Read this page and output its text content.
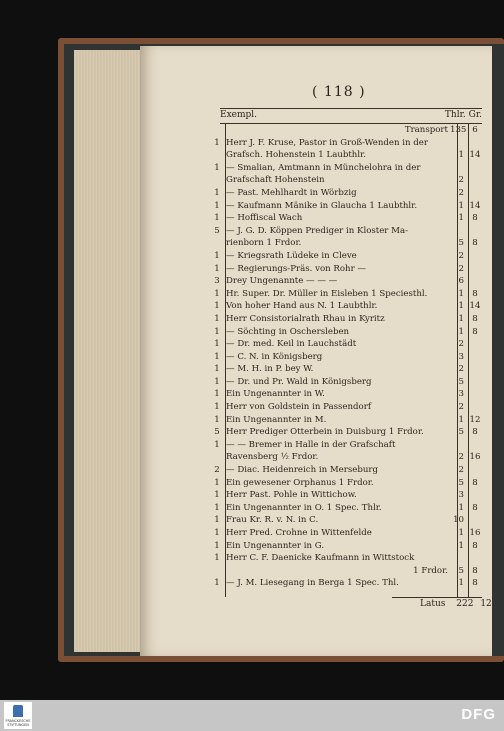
( 118 )
Exempl.	Thlr. Gr.
Transport 135 6
1 Herr J. F. Kruse, Pastor in Groß-Wenden in der
Grafsch. Hohenstein 1 Laubthlr.	1 14
1 — Smalian, Amtmann in Münchelohra in der
Grafschaft Hohenstein	2
1 — Past. Mehlhardt in Wörbzig	2
1 — Kaufmann Mänike in Glaucha 1 Laubthlr.	1 14
1 — Hoffiscal Wach	1 8
5 — J. G. D. Köppen Prediger in Kloster Ma-
rienborn 1 Frdor.	5 8
1 — Kriegsrath Lüdeke in Cleve	2
1 — Regierungs-Präs. von Rohr —	2
3 Drey Ungenannte — — —	6
1 Hr. Super. Dr. Müller in Eisleben 1 Speciesthl.	1 8
1 Von hoher Hand aus N. 1 Laubthlr.	1 14
1 Herr Consistorialrath Rhau in Kyritz	1 8
1 — Söchting in Oschersleben	1 8
1 — Dr. med. Keil in Lauchstädt	2
1 — C. N. in Königsberg	3
1 — M. H. in P. bey W.	2
1 — Dr. und Pr. Wald in Königsberg	5
1 Ein Ungenannter in W.	3
1 Herr von Goldstein in Passendorf	2
1 Ein Ungenannter in M.	1 12
5 Herr Prediger Otterbein in Duisburg 1 Frdor.	5 8
1 — — Bremer in Halle in der Grafschaft
Ravensberg ½ Frdor.	2 16
2 — Diac. Heidenreich in Merseburg	2
1 Ein gewesener Orphanus 1 Frdor.	5 8
1 Herr Past. Pohle in Wittichow.	3
1 Ein Ungenannter in O. 1 Spec. Thlr.	1 8
1 Frau Kr. R. v. N. in C.	10
1 Herr Pred. Crohne in Wittenfelde	1 16
1 Ein Ungenannter in G.	1 8
1 Herr C. F. Daenicke Kaufmann in Wittstock
1 Frdor.	5 8
1 — J. M. Liesegang in Berga 1 Spec. Thl.	1 8
Latus 222 12
FRANCKESCHE STIFTUNGEN
DFG
